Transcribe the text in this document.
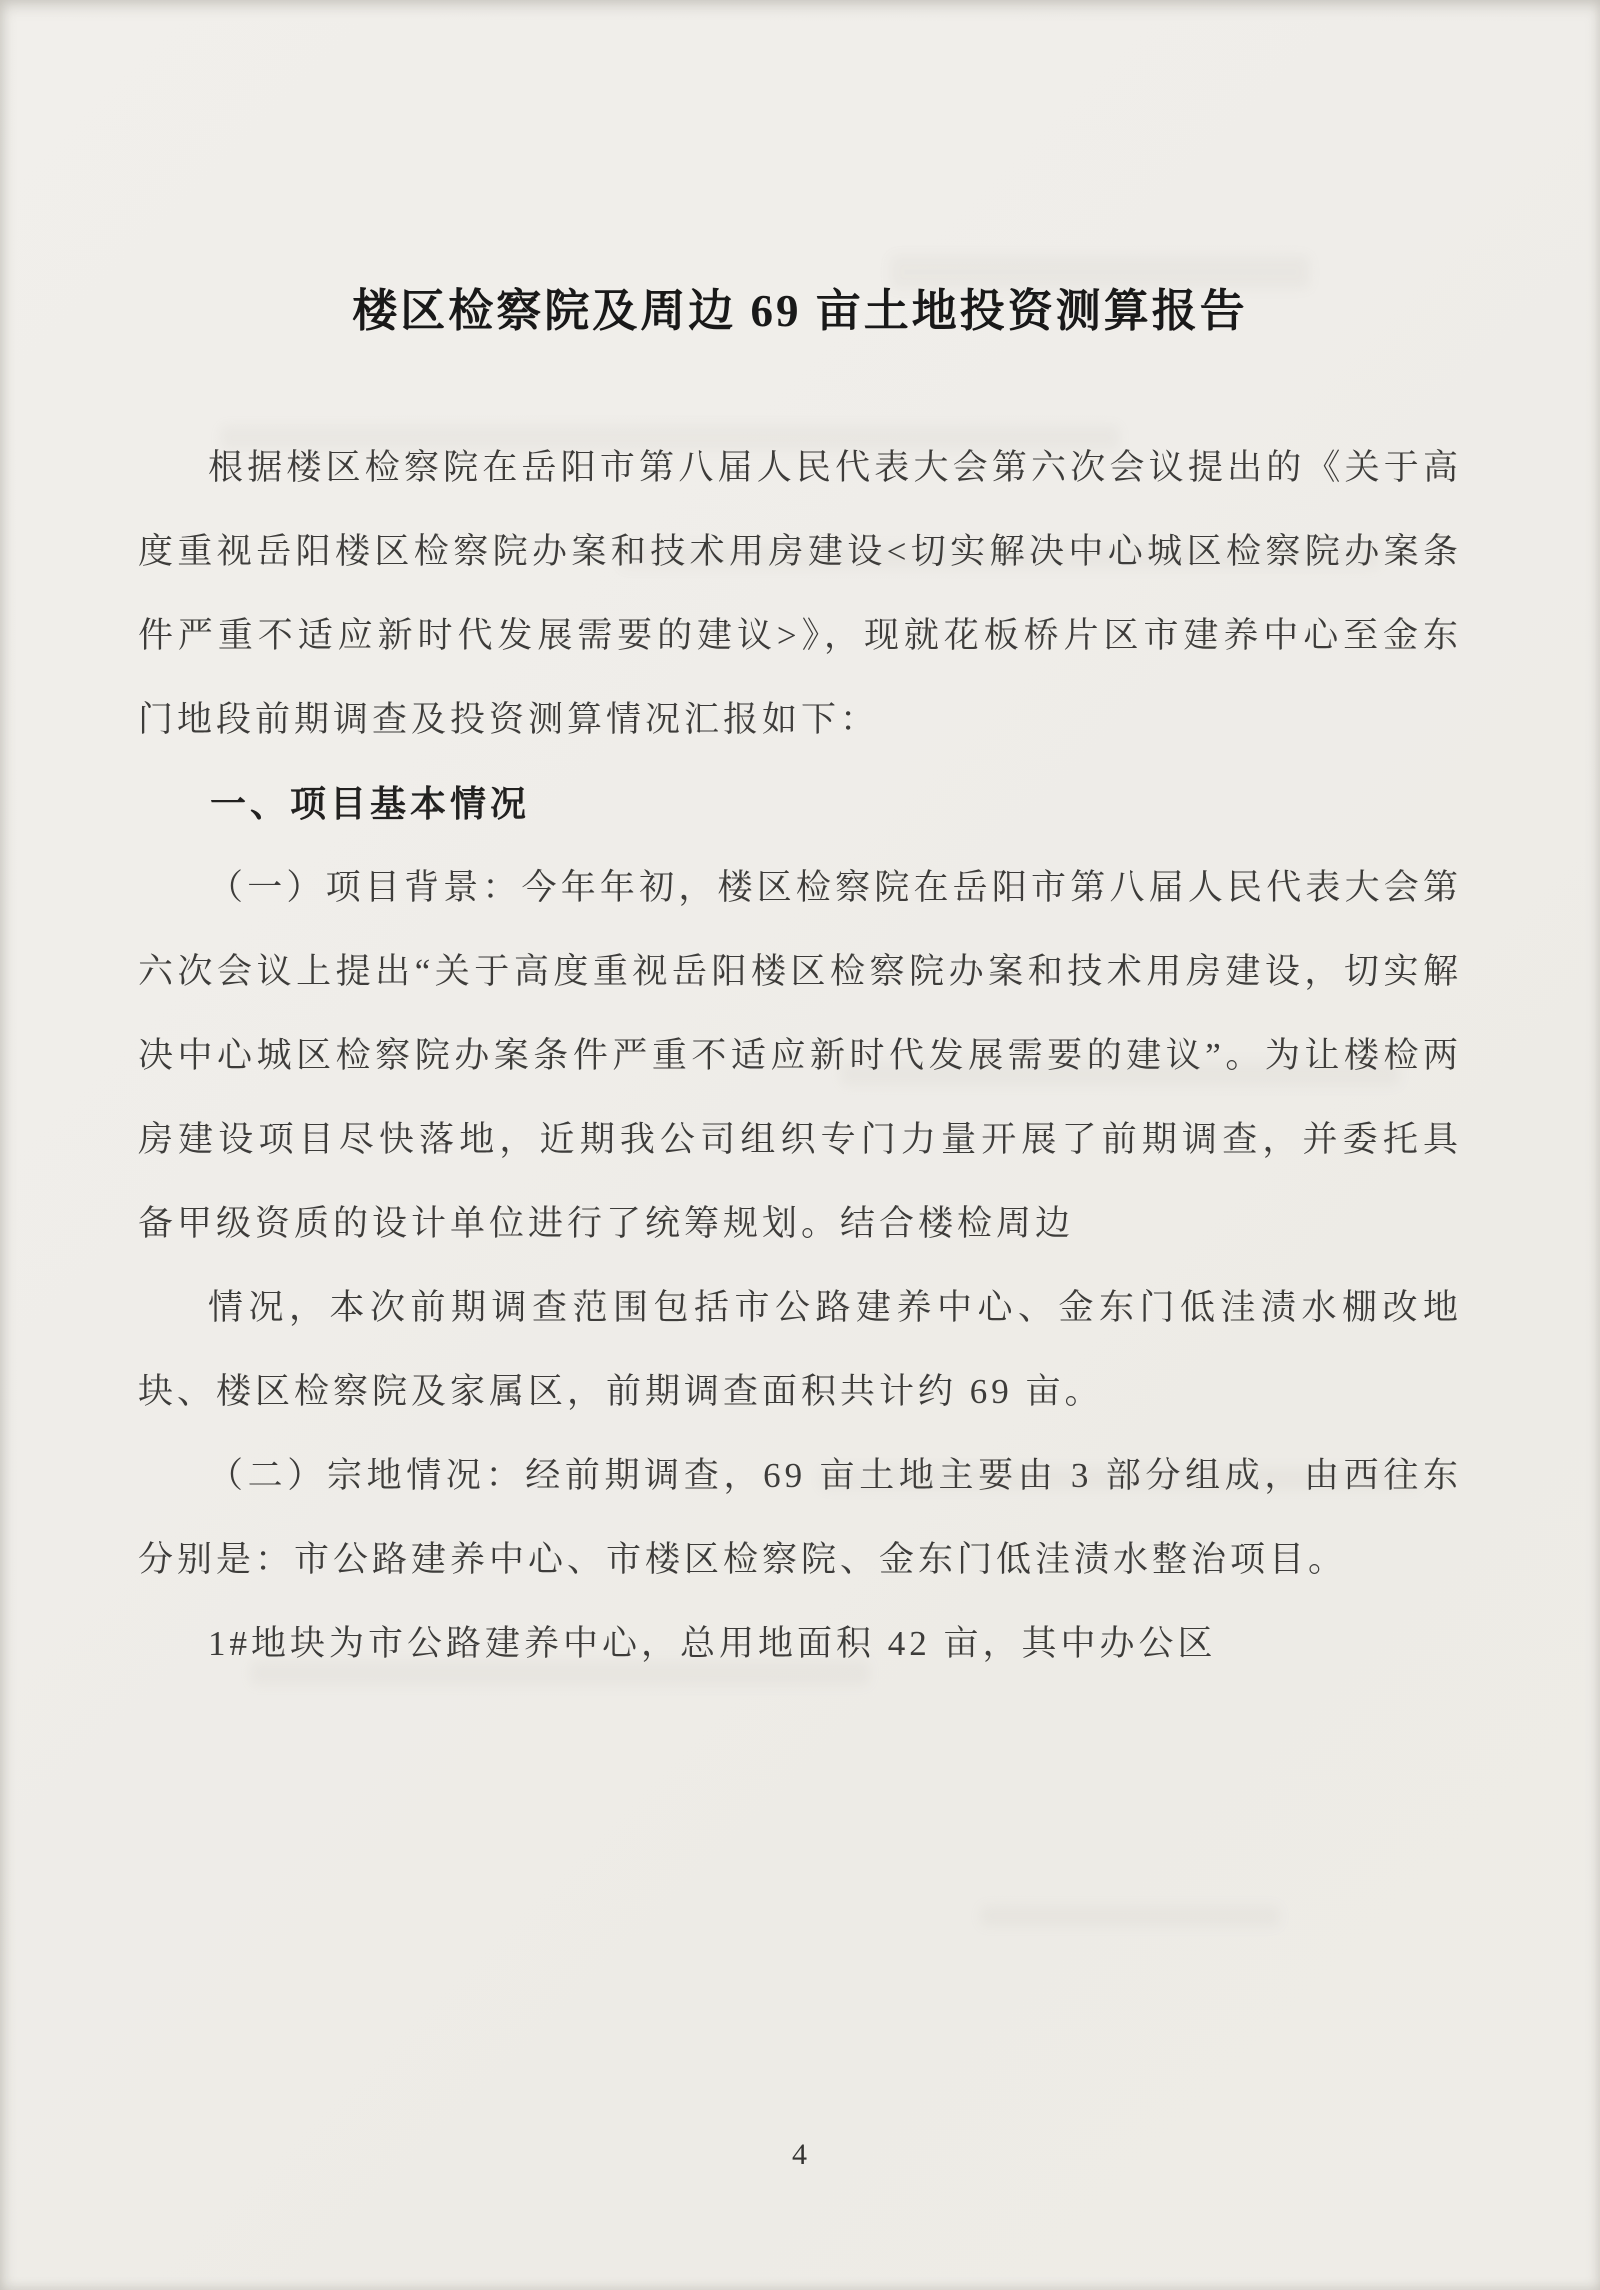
楼区检察院及周边 69 亩土地投资测算报告

根据楼区检察院在岳阳市第八届人民代表大会第六次会议提出的《关于高度重视岳阳楼区检察院办案和技术用房建设<切实解决中心城区检察院办案条件严重不适应新时代发展需要的建议>》，现就花板桥片区市建养中心至金东门地段前期调查及投资测算情况汇报如下：

一、项目基本情况

（一）项目背景：今年年初，楼区检察院在岳阳市第八届人民代表大会第六次会议上提出“关于高度重视岳阳楼区检察院办案和技术用房建设，切实解决中心城区检察院办案条件严重不适应新时代发展需要的建议”。为让楼检两房建设项目尽快落地，近期我公司组织专门力量开展了前期调查，并委托具备甲级资质的设计单位进行了统筹规划。结合楼检周边

情况，本次前期调查范围包括市公路建养中心、金东门低洼渍水棚改地块、楼区检察院及家属区，前期调查面积共计约 69 亩。

（二）宗地情况：经前期调查，69 亩土地主要由 3 部分组成，由西往东分别是：市公路建养中心、市楼区检察院、金东门低洼渍水整治项目。

1#地块为市公路建养中心，总用地面积 42 亩，其中办公区

4
